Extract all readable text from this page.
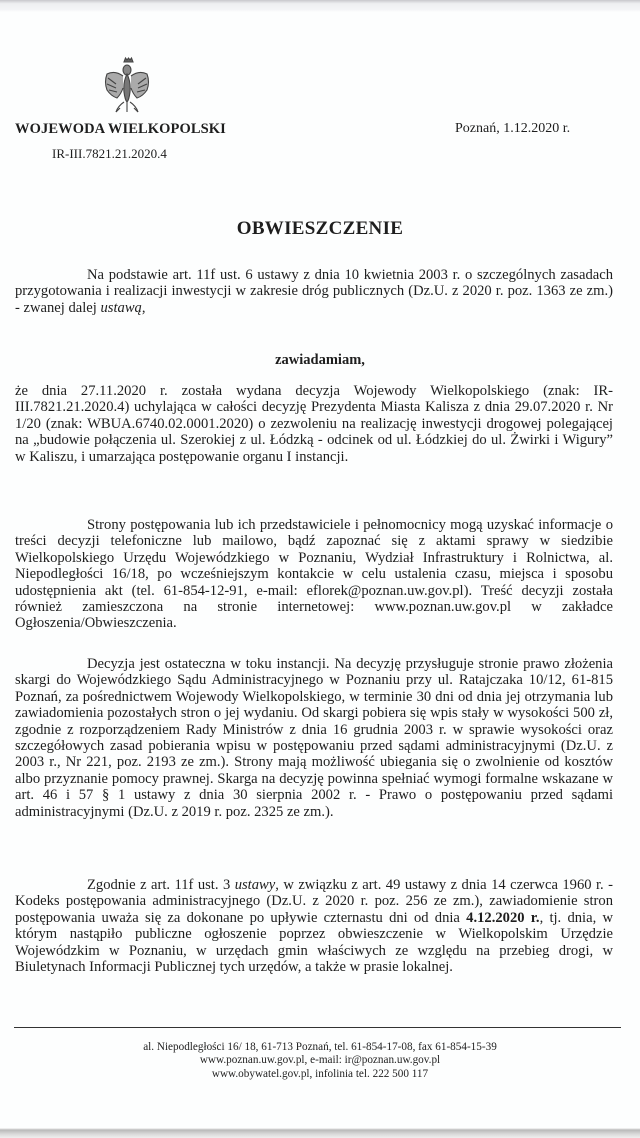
WOJEWODA WIELKOPOLSKI
IR-III.7821.21.2020.4
Poznań, 1.12.2020 r.
OBWIESZCZENIE
Na podstawie art. 11f ust. 6 ustawy z dnia 10 kwietnia 2003 r. o szczególnych zasadach przygotowania i realizacji inwestycji w zakresie dróg publicznych (Dz.U. z 2020 r. poz. 1363 ze zm.) - zwanej dalej ustawą,
zawiadamiam,
że dnia 27.11.2020 r. została wydana decyzja Wojewody Wielkopolskiego (znak: IR-III.7821.21.2020.4) uchylająca w całości decyzję Prezydenta Miasta Kalisza z dnia 29.07.2020 r. Nr 1/20 (znak: WBUA.6740.02.0001.2020) o zezwoleniu na realizację inwestycji drogowej polegającej na „budowie połączenia ul. Szerokiej z ul. Łódzką - odcinek od ul. Łódzkiej do ul. Żwirki i Wigury” w Kaliszu, i umarzająca postępowanie organu I instancji.
Strony postępowania lub ich przedstawiciele i pełnomocnicy mogą uzyskać informacje o treści decyzji telefoniczne lub mailowo, bądź zapoznać się z aktami sprawy w siedzibie Wielkopolskiego Urzędu Wojewódzkiego w Poznaniu, Wydział Infrastruktury i Rolnictwa, al. Niepodległości 16/18, po wcześniejszym kontakcie w celu ustalenia czasu, miejsca i sposobu udostępnienia akt (tel. 61-854-12-91, e-mail: eflorek@poznan.uw.gov.pl). Treść decyzji została również zamieszczona na stronie internetowej: www.poznan.uw.gov.pl w zakładce Ogłoszenia/Obwieszczenia.
Decyzja jest ostateczna w toku instancji. Na decyzję przysługuje stronie prawo złożenia skargi do Wojewódzkiego Sądu Administracyjnego w Poznaniu przy ul. Ratajczaka 10/12, 61-815 Poznań, za pośrednictwem Wojewody Wielkopolskiego, w terminie 30 dni od dnia jej otrzymania lub zawiadomienia pozostałych stron o jej wydaniu. Od skargi pobiera się wpis stały w wysokości 500 zł, zgodnie z rozporządzeniem Rady Ministrów z dnia 16 grudnia 2003 r. w sprawie wysokości oraz szczegółowych zasad pobierania wpisu w postępowaniu przed sądami administracyjnymi (Dz.U. z 2003 r., Nr 221, poz. 2193 ze zm.). Strony mają możliwość ubiegania się o zwolnienie od kosztów albo przyznanie pomocy prawnej. Skarga na decyzję powinna spełniać wymogi formalne wskazane w art. 46 i 57 § 1 ustawy z dnia 30 sierpnia 2002 r. - Prawo o postępowaniu przed sądami administracyjnymi (Dz.U. z 2019 r. poz. 2325 ze zm.).
Zgodnie z art. 11f ust. 3 ustawy, w związku z art. 49 ustawy z dnia 14 czerwca 1960 r. - Kodeks postępowania administracyjnego (Dz.U. z 2020 r. poz. 256 ze zm.), zawiadomienie stron postępowania uważa się za dokonane po upływie czternastu dni od dnia 4.12.2020 r., tj. dnia, w którym nastąpiło publiczne ogłoszenie poprzez obwieszczenie w Wielkopolskim Urzędzie Wojewódzkim w Poznaniu, w urzędach gmin właściwych ze względu na przebieg drogi, w Biuletynach Informacji Publicznej tych urzędów, a także w prasie lokalnej.
al. Niepodległości 16/ 18, 61-713 Poznań, tel. 61-854-17-08, fax 61-854-15-39
www.poznan.uw.gov.pl, e-mail: ir@poznan.uw.gov.pl
www.obywatel.gov.pl, infolinia tel. 222 500 117
